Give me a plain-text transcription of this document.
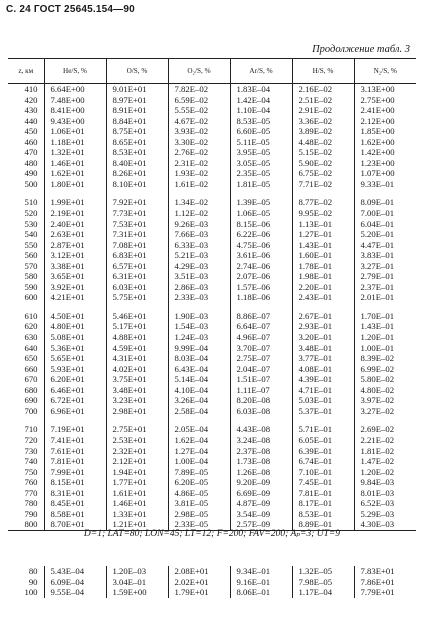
С. 24 ГОСТ 25645.154—90
Продолжение табл. 3
z, км	He/S, %	O/S, %	O₂/S, %	Ar/S, %	H/S, %	N₂/S, %
410	6.64E+00	9.01E+01	7.82E–02	1.83E–04	2.16E–02	3.13E+00
420	7.48E+00	8.97E+01	6.59E–02	1.42E–04	2.51E–02	2.75E+00
430	8.41E+00	8.91E+01	5.55E–02	1.10E–04	2.91E–02	2.41E+00
440	9.43E+00	8.84E+01	4.67E–02	8.53E–05	3.36E–02	2.12E+00
450	1.06E+01	8.75E+01	3.93E–02	6.60E–05	3.89E–02	1.85E+00
460	1.18E+01	8.65E+01	3.30E–02	5.11E–05	4.48E–02	1.62E+00
470	1.32E+01	8.53E+01	2.76E–02	3.95E–05	5.15E–02	1.42E+00
480	1.46E+01	8.40E+01	2.31E–02	3.05E–05	5.90E–02	1.23E+00
490	1.62E+01	8.26E+01	1.93E–02	2.35E–05	6.75E–02	1.07E+00
500	1.80E+01	8.10E+01	1.61E–02	1.81E–05	7.71E–02	9.33E–01

510	1.99E+01	7.92E+01	1.34E–02	1.39E–05	8.77E–02	8.09E–01
520	2.19E+01	7.73E+01	1.12E–02	1.06E–05	9.95E–02	7.00E–01
530	2.40E+01	7.53E+01	9.26E–03	8.15E–06	1.13E–01	6.04E–01
540	2.63E+01	7.31E+01	7.66E–03	6.22E–06	1.27E–01	5.20E–01
550	2.87E+01	7.08E+01	6.33E–03	4.75E–06	1.43E–01	4.47E–01
560	3.12E+01	6.83E+01	5.21E–03	3.61E–06	1.60E–01	3.83E–01
570	3.38E+01	6.57E+01	4.29E–03	2.74E–06	1.78E–01	3.27E–01
580	3.65E+01	6.31E+01	3.51E–03	2.07E–06	1.98E–01	2.79E–01
590	3.92E+01	6.03E+01	2.86E–03	1.57E–06	2.20E–01	2.37E–01
600	4.21E+01	5.75E+01	2.33E–03	1.18E–06	2.43E–01	2.01E–01

610	4.50E+01	5.46E+01	1.90E–03	8.86E–07	2.67E–01	1.70E–01
620	4.80E+01	5.17E+01	1.54E–03	6.64E–07	2.93E–01	1.43E–01
630	5.08E+01	4.88E+01	1.24E–03	4.96E–07	3.20E–01	1.20E–01
640	5.36E+01	4.59E+01	9.99E–04	3.70E–07	3.48E–01	1.00E–01
650	5.65E+01	4.31E+01	8.03E–04	2.75E–07	3.77E–01	8.39E–02
660	5.93E+01	4.02E+01	6.43E–04	2.04E–07	4.08E–01	6.99E–02
670	6.20E+01	3.75E+01	5.14E–04	1.51E–07	4.39E–01	5.80E–02
680	6.46E+01	3.48E+01	4.10E–04	1.11E–07	4.71E–01	4.80E–02
690	6.72E+01	3.23E+01	3.26E–04	8.20E–08	5.03E–01	3.97E–02
700	6.96E+01	2.98E+01	2.58E–04	6.03E–08	5.37E–01	3.27E–02

710	7.19E+01	2.75E+01	2.05E–04	4.43E–08	5.71E–01	2.69E–02
720	7.41E+01	2.53E+01	1.62E–04	3.24E–08	6.05E–01	2.21E–02
730	7.61E+01	2.32E+01	1.27E–04	2.37E–08	6.39E–01	1.81E–02
740	7.81E+01	2.12E+01	1.00E–04	1.73E–08	6.74E–01	1.47E–02
750	7.99E+01	1.94E+01	7.89E–05	1.26E–08	7.10E–01	1.20E–02
760	8.15E+01	1.77E+01	6.20E–05	9.20E–09	7.45E–01	9.84E–03
770	8.31E+01	1.61E+01	4.86E–05	6.69E–09	7.81E–01	8.01E–03
780	8.45E+01	1.46E+01	3.81E–05	4.87E–09	8.17E–01	6.52E–03
790	8.58E+01	1.33E+01	2.98E–05	3.54E–09	8.53E–01	5.29E–03
800	8.70E+01	1.21E+01	2.33E–05	2.57E–09	8.89E–01	4.30E–03
D=1; LAT=80; LON=45; LT=12; F=200; FAV=200; Aₚ=3; UT=9
80	5.43E–04	1.20E–03	2.08E+01	9.34E–01	1.32E–05	7.83E+01
90	6.09E–04	3.04E–01	2.02E+01	9.16E–01	7.98E–05	7.86E+01
100	9.55E–04	1.59E+00	1.79E+01	8.06E–01	1.17E–04	7.79E+01
